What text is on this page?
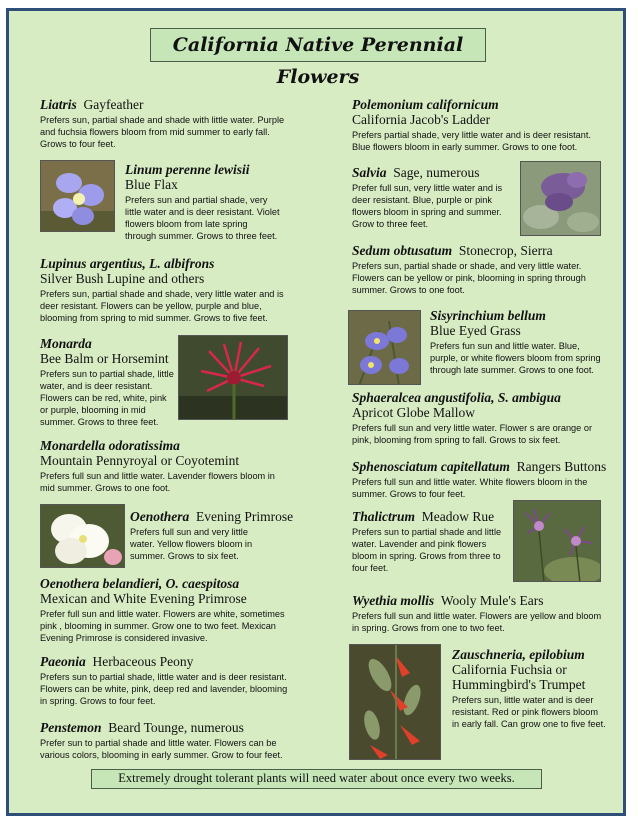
California Native Perennial Flowers
Liatris Gayfeather
Prefers sun, partial shade and shade with little water. Purple and fuchsia flowers bloom from mid summer to early fall. Grows to four feet.
Linum perenne lewisii
Blue Flax
Prefers sun and partial shade, very little water and is deer resistant. Violet flowers bloom from late spring through summer. Grows to three feet.
Lupinus argentius, L. albifrons
Silver Bush Lupine and others
Prefers sun, partial shade and shade, very little water and is deer resistant. Flowers can be yellow, purple and blue, blooming from spring to mid summer. Grows to five feet.
Monarda
Bee Balm or Horsemint
Prefers sun to partial shade, little water, and is deer resistant. Flowers can be red, white, pink or purple, blooming in mid summer. Grows to three feet.
Monardella odoratissima
Mountain Pennyroyal or Coyotemint
Prefers full sun and little water. Lavender flowers bloom in mid summer. Grows to one foot.
Oenothera Evening Primrose
Prefers full sun and very little water. Yellow flowers bloom in summer. Grows to six feet.
Oenothera belandieri, O. caespitosa
Mexican and White Evening Primrose
Prefer full sun and little water. Flowers are white, sometimes pink , blooming in summer. Grow one to two feet. Mexican Evening Primrose is considered invasive.
Paeonia Herbaceous Peony
Prefers sun to partial shade, little water and is deer resistant. Flowers can be white, pink, deep red and lavender, blooming in spring. Grows to four feet.
Penstemon Beard Tounge, numerous
Prefer sun to partial shade and little water. Flowers can be various colors, blooming in early summer. Grow to four feet.
Polemonium californicum
California Jacob's Ladder
Prefers partial shade, very little water and is deer resistant. Blue flowers bloom in early summer. Grows to one foot.
Salvia Sage, numerous
Prefer full sun, very little water and is deer resistant. Blue, purple or pink flowers bloom in spring and summer. Grow to three feet.
Sedum obtusatum Stonecrop, Sierra
Prefers sun, partial shade or shade, and very little water. Flowers can be yellow or pink, blooming in spring through summer. Grows to one foot.
Sisyrinchium bellum
Blue Eyed Grass
Prefers fun sun and little water. Blue, purple, or white flowers bloom from spring through late summer. Grows to one foot.
Sphaeralcea angustifolia, S. ambigua
Apricot Globe Mallow
Prefers full sun and very little water. Flower s are orange or pink, blooming from spring to fall. Grows to six feet.
Sphenosciatum capitellatum Rangers Buttons
Prefers full sun and little water. White flowers bloom in the summer. Grows to four feet.
Thalictrum Meadow Rue
Prefers sun to partial shade and little water. Lavender and pink flowers bloom in spring. Grows from three to four feet.
Wyethia mollis Wooly Mule's Ears
Prefers full sun and little water. Flowers are yellow and bloom in spring. Grows from one to two feet.
Zauschneria, epilobium
California Fuchsia or Hummingbird's Trumpet
Prefers sun, little water and is deer resistant. Red or pink flowers bloom in early fall. Can grow one to five feet.
Extremely drought tolerant plants will need water about once every two weeks.
